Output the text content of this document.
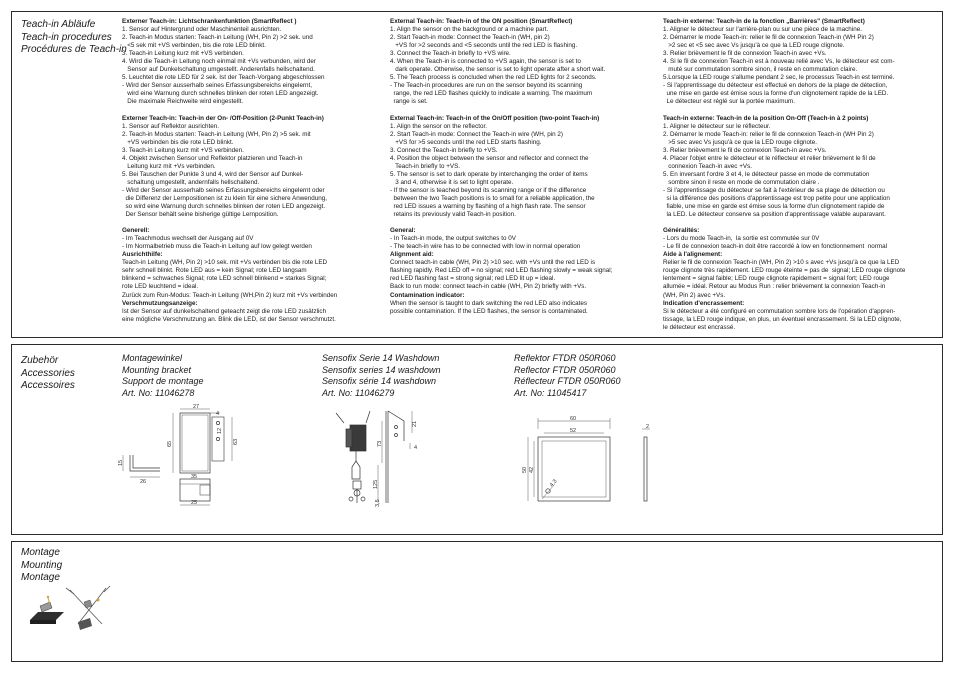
Teach-in Abläufe
Teach-in procedures
Procédures de Teach-in
Externer Teach-in: Lichtschrankenfunktion (SmartReflect )
1. Sensor auf Hintergrund oder Maschinenteil ausrichten.
2. Teach-in Modus starten: Teach-in Leitung (WH, Pin 2) >2 sek. und
<5 sek mit +VS verbinden, bis die rote LED blinkt.
3. Teach-in Leitung kurz mit +VS verbinden.
4. Wird die Teach-in Leitung noch einmal mit +Vs verbunden, wird der
Sensor auf Dunkelschaltung umgestellt. Anderenfalls hellschaltend.
5. Leuchtet die rote LED für 2 sek. Ist der Teach-Vorgang abgeschlossen
- Wird der Sensor ausserhalb seines Erfassungsbereichs eingelernt,
wird eine Warnung durch schnelles blinken der roten LED angezeigt.
Die maximale Reichweite wird eingestellt.
Externer Teach-in: Teach-in der On- /Off-Position (2-Punkt Teach-in)
1. Sensor auf Reflektor ausrichten.
2. Teach-in Modus starten: Teach-in Leitung (WH, Pin 2) >5 sek. mit
+VS verbinden bis die rote LED blinkt.
3. Teach-in Leitung kurz mit +VS verbinden.
4. Objekt zwischen Sensor und Reflektor platzieren und Teach-in
Leitung kurz mit +Vs verbinden.
5. Bei Tauschen der Punkte 3 und 4, wird der Sensor auf Dunkel-
schaltung umgestellt, andernfalls hellschaltend.
- Wird der Sensor ausserhalb seines Erfassungsbereichs eingelernt oder
die Differenz der Lernpositionen ist zu klein für eine sichere Anwendung,
so wird eine Warnung durch schnelles blinken der roten LED angezeigt.
Der Sensor behält seine bisherige gültige Lernposition.
Generell:
- Im Teachmodus wechselt der Ausgang auf 0V
- Im Normalbetrieb muss die Teach-in Leitung auf low gelegt werden
Ausrichthilfe:
Teach-in Leitung (WH, Pin 2) >10 sek. mit +Vs verbinden bis die rote LED
sehr schnell blinkt. Rote LED aus = kein Signal; rote LED langsam
blinkend = schwaches Signal; rote LED schnell blinkend = starkes Signal;
rote LED leuchtend = ideal.
Zurück zum Run-Modus: Teach-in Leitung (WH,Pin 2) kurz mit +Vs verbinden
Verschmutzungsanzeige:
Ist der Sensor auf dunkelschaltend geteacht zeigt die rote LED zusätzlich
eine mögliche Verschmutzung an. Blink die LED, ist der Sensor verschmutzt.
External Teach-in: Teach-in of the ON position (SmartReflect)
1. Align the sensor on the background or a machine part.
2. Start Teach-in mode: Connect the Teach-in (WH, pin 2)
+VS for >2 seconds and <5 seconds until the red LED is flashing.
3. Connect the Teach-in briefly to +VS wire.
4. When the Teach-in is connected to +VS again, the sensor is set to
dark operate. Otherwise, the sensor is set to light operate after a short wait.
5. The Teach process is concluded when the red LED lights for 2 seconds.
- The Teach-in procedures are run on the sensor beyond its scanning
range, the red LED flashes quickly to indicate a warning. The maximum
range is set.
External Teach-in: Teach-in of the On/Off position (two-point Teach-in)
1. Align the sensor on the reflector.
2. Start Teach-in mode: Connect the Teach-in wire (WH, pin 2)
+VS for >5 seconds until the red LED starts flashing.
3. Connect the Teach-in briefly to +VS.
4. Position the object between the sensor and reflector and connect the
Teach-in briefly to +VS.
5. The sensor is set to dark operate by interchanging the order of items
3 and 4, otherwise it is set to light operate.
- If the sensor is teached beyond its scanning range or if the difference
between the two Teach positions is to small for a reliable application, the
red LED issues a warning by flashing of a high flash rate. The sensor
retains its previously valid Teach-in position.
General:
- In Teach-in mode, the output switches to 0V
- The teach-in wire has to be connected with low in normal operation
Alignment aid:
Connect teach-in cable (WH, Pin 2) >10 sec. with +Vs until the red LED is
flashing rapidly. Red LED off = no signal; red LED flashing slowly = weak signal;
red LED flashing fast = strong signal; red LED lit up = ideal.
Back to run mode: connect teach-in cable (WH, Pin 2) briefly with +Vs.
Contamination indicator:
When the sensor is taught to dark switching the red LED also indicates
possible contamination. If the LED flashes, the sensor is contaminated.
Teach-in externe: Teach-in de la fonction „Barrières" (SmartReflect)
1. Aligner le détecteur sur l'arrière-plan ou sur une pièce de la machine.
2. Démarrer le mode Teach-in: relier le fil de connexion Teach-in (WH Pin 2)
>2 sec et <5 sec avec Vs jusqu'à ce que la LED rouge clignote.
3. Relier brièvement le fil de connexion Teach-in avec +Vs.
4. Si le fil de connexion Teach-in est à nouveau relié avec Vs, le détecteur est com-
muté sur commutation sombre sinon, il reste en commutation claire.
5.Lorsque la LED rouge s'allume pendant 2 sec, le processus Teach-in est terminé.
- Si l'apprentissage du détecteur est effectué en dehors de la plage de détection,
une mise en garde est émise sous la forme d'un clignotement rapide de la LED.
Le détecteur est réglé sur la portée maximum.
Teach-in externe: Teach-in de la position On-Off (Teach-in à 2 points)
1. Aligner le détecteur sur le réflecteur.
2. Démarrer le mode Teach-in: relier le fil de connexion Teach-in (WH Pin 2)
>5 sec avec Vs jusqu'à ce que la LED rouge clignote.
3. Relier brièvement le fil de connexion Teach-in avec +Vs.
4. Placer l'objet entre le détecteur et le réflecteur et relier brièvement le fil de
connexion Teach-in avec +Vs.
5. En inversant l'ordre 3 et 4, le détecteur passe en mode de commutation
sombre sinon il reste en mode de commutation claire .
- Si l'apprentissage du détecteur se fait à l'extérieur de sa plage de détection ou
si la différence des positions d'apprentissage est trop petite pour une application
fiable, une mise en garde est émise sous la forme d'un clignotement rapide de
la LED. Le détecteur conserve sa position d'apprentissage valable auparavant.
Généralités:
- Lors du mode Teach-in,  la sortie est commutée sur 0V
- Le fil de connexion teach-in doit être raccordé à low en fonctionnement  normal
Aide à l'alignement:
Relier le fil de connexion Teach-in (WH, Pin 2) >10 s avec +Vs jusqu'à ce que la LED
rouge clignote très rapidement. LED rouge éteinte = pas de  signal; LED rouge clignote
lentement = signal faible; LED rouge clignote rapidement = signal fort; LED rouge
allumée = idéal. Retour au Modus Run : relier brièvement la connexion Teach-in
(WH, Pin 2) avec +Vs.
Indication d'encrassement:
Si le détecteur a été configuré en commutation sombre lors de l'opération d'appren-
tissage, la LED rouge indique, en plus, un éventuel encrassement. Si la LED clignote,
le détecteur est encrassé.
Zubehör
Accessories
Accessoires
Montagewinkel
Mounting bracket
Support de montage
Art. No: 11046278
Sensofix Serie 14 Washdown
Sensofix series 14 washdown
Sensofix série 14 washdown
Art. No: 11046279
Reflektor FTDR 050R060
Reflector FTDR 050R060
Réflecteur FTDR 050R060
Art. No: 11045417
27
4
12
65	63
15
26
35
25
73
125
3,5
21
4
60
52
50 42
4,3
2
Montage
Mounting
Montage
